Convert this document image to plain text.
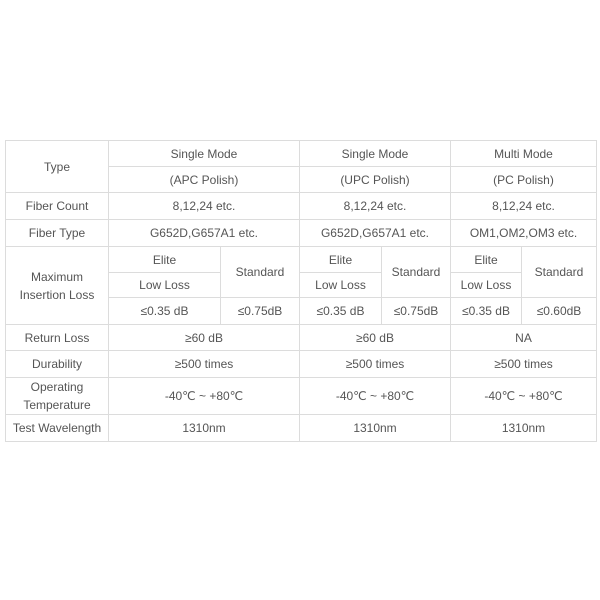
Type	Single Mode		Single Mode		Multi Mode	
	(APC Polish)		(UPC Polish)		(PC Polish)	
Fiber Count	8,12,24 etc.		8,12,24 etc.		8,12,24 etc.	
Fiber Type	G652D,G657A1 etc.		G652D,G657A1 etc.		OM1,OM2,OM3 etc.	
Maximum Insertion Loss	Elite	Standard	Elite	Standard	Elite	Standard
	Low Loss		Low Loss		Low Loss	
	≤0.35 dB	≤0.75dB	≤0.35 dB	≤0.75dB	≤0.35 dB	≤0.60dB
Return Loss	≥60 dB		≥60 dB		NA	
Durability	≥500 times		≥500 times		≥500 times	
Operating Temperature	-40℃ ~ +80℃		-40℃ ~ +80℃		-40℃ ~ +80℃	
Test Wavelength	1310nm		1310nm		1310nm	
